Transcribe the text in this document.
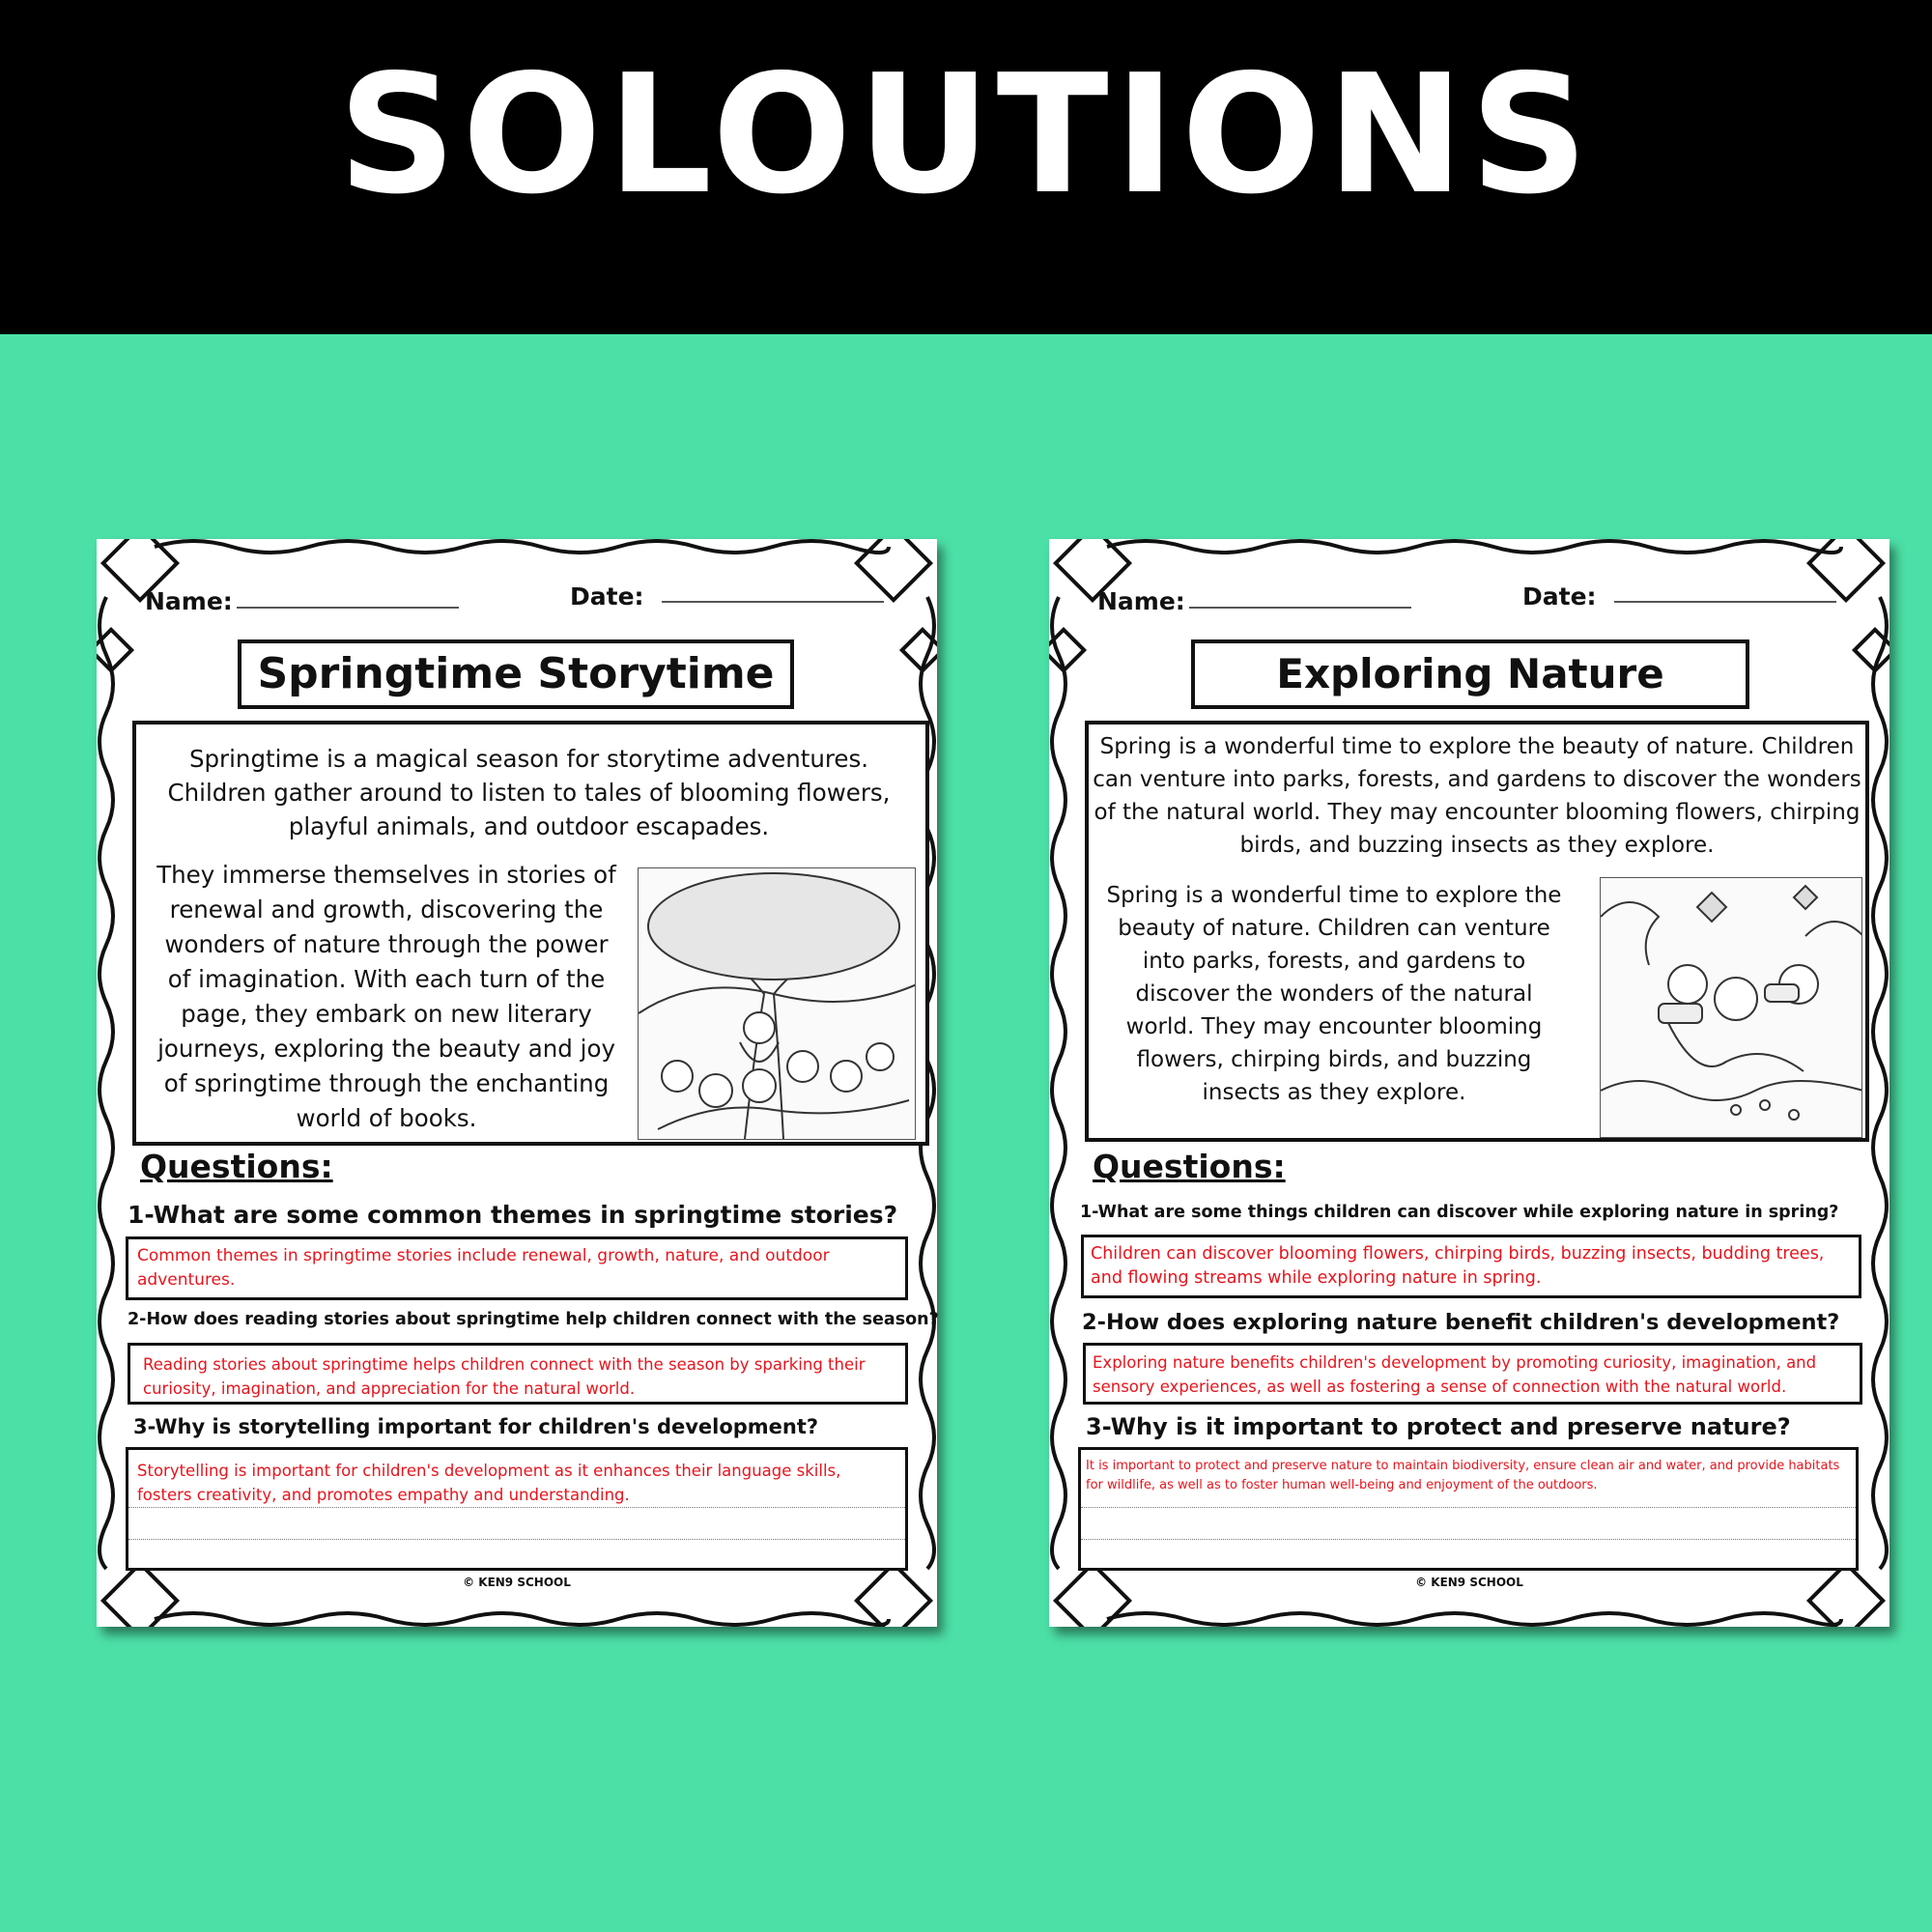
SOLOUTIONS
Name:	Date:
Springtime Storytime
Springtime is a magical season for storytime adventures. Children gather around to listen to tales of blooming flowers, playful animals, and outdoor escapades.
They immerse themselves in stories of renewal and growth, discovering the wonders of nature through the power of imagination. With each turn of the page, they embark on new literary journeys, exploring the beauty and joy of springtime through the enchanting world of books.
Questions:
1-What are some common themes in springtime stories?
Common themes in springtime stories include renewal, growth, nature, and outdoor adventures.
2-How does reading stories about springtime help children connect with the season?
Reading stories about springtime helps children connect with the season by sparking their curiosity, imagination, and appreciation for the natural world.
3-Why is storytelling important for children's development?
Storytelling is important for children's development as it enhances their language skills, fosters creativity, and promotes empathy and understanding.
© KEN9 SCHOOL
Name:	Date:
Exploring Nature
Spring is a wonderful time to explore the beauty of nature. Children can venture into parks, forests, and gardens to discover the wonders of the natural world. They may encounter blooming flowers, chirping birds, and buzzing insects as they explore.
Spring is a wonderful time to explore the beauty of nature. Children can venture into parks, forests, and gardens to discover the wonders of the natural world. They may encounter blooming flowers, chirping birds, and buzzing insects as they explore.
Questions:
1-What are some things children can discover while exploring nature in spring?
Children can discover blooming flowers, chirping birds, buzzing insects, budding trees, and flowing streams while exploring nature in spring.
2-How does exploring nature benefit children's development?
Exploring nature benefits children's development by promoting curiosity, imagination, and sensory experiences, as well as fostering a sense of connection with the natural world.
3-Why is it important to protect and preserve nature?
It is important to protect and preserve nature to maintain biodiversity, ensure clean air and water, and provide habitats for wildlife, as well as to foster human well-being and enjoyment of the outdoors.
© KEN9 SCHOOL
